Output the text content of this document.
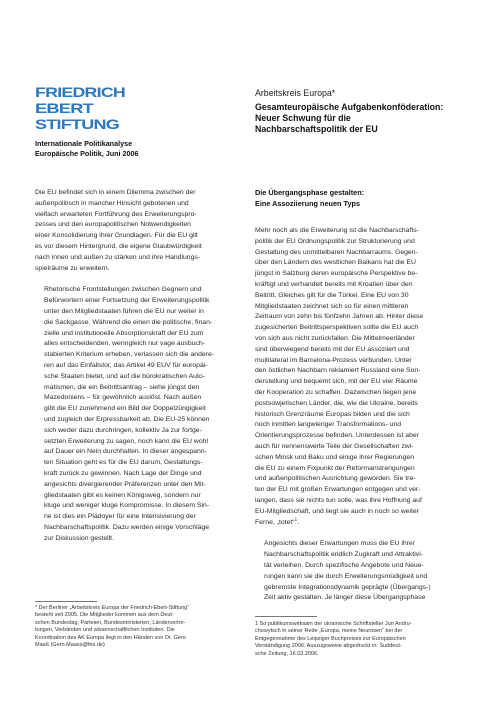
FRIEDRICH
EBERT
STIFTUNG
Internationale Politikanalyse
Europäische Politik, Juni 2006
Arbeitskreis Europa*
Gesamteuropäische Aufgabenkonföderation:
Neuer Schwung für die
Nachbarschaftspolitik der EU

Die EU befindet sich in einem Dilemma zwischen der
außenpolitisch in mancher Hinsicht gebotenen und
vielfach erwarteten Fortführung des Erweiterungspro-
zesses und den europapolitischen Notwendigkeiten
einer Konsolidierung ihrer Grundlagen. Für die EU gilt
es vor diesem Hintergrund, die eigene Glaubwürdigkeit
nach innen und außen zu stärken und ihre Handlungs-
spielräume zu erweitern.

Rhetorische Frontstellungen zwischen Gegnern und
Befürwortern einer Fortsetzung der Erweiterungspolitik
unter den Mitgliedstaaten führen die EU nur weiter in
die Sackgasse. Während die einen die politische, finan-
zielle und institutionelle Absorptionskraft der EU zum
alles entscheidenden, wenngleich nur vage ausbuch-
stabierten Kriterium erheben, verlassen sich die andere-
ren auf das Einfallstor, das Artikel 49 EUV für europäi-
sche Staaten bietet, und auf die bürokratischen Auto-
matismen, die ein Beitrittsantrag – siehe jüngst den
Mazedoniens – für gewöhnlich auslöst. Nach außen
gibt die EU zunehmend ein Bild der Doppelzüngigkeit
und zugleich der Erpressbarkeit ab. Die EU-25 können
sich weder dazu durchringen, kollektiv Ja zur fortge-
setzten Erweiterung zu sagen, noch kann die EU wohl
auf Dauer ein Nein durchhalten. In dieser angespann-
ten Situation geht es für die EU darum, Gestaltungs-
kraft zurück zu gewinnen. Nach Lage der Dinge und
angesichts divergierender Präferenzen unter den Mit-
gliedstaaten gibt es keinen Königsweg, sondern nur
kluge und weniger kluge Kompromisse. In diesem Sin-
ne ist dies ein Plädoyer für eine Intensivierung der
Nachbarschaftspolitik. Dazu werden einige Vorschläge
zur Diskussion gestellt.

Die Übergangsphase gestalten:
Eine Assoziierung neuen Typs

Mehr noch als die Erweiterung ist die Nachbarschafts-
politik der EU Ordnungspolitik zur Strukturierung und
Gestaltung des unmittelbaren Nachbarraums. Gegen-
über den Ländern des westlichen Balkans hat die EU
jüngst in Salzburg deren europäische Perspektive be-
kräftigt und verhandelt bereits mit Kroatien über den
Beitritt. Gleiches gilt für die Türkei. Eine EU von 30
Mitgliedstaaten zeichnet sich so für einen mittleren
Zeitraum von zehn bis fünfzehn Jahren ab. Hinter diese
zugesicherten Beitrittsperspektiven sollte die EU auch
von sich aus nicht zurückfallen. Die Mittelmeerländer
sind überwiegend bereits mit der EU assoziiert und
multilateral im Barcelona-Prozess verbunden. Unter
den östlichen Nachbarn reklamiert Russland eine Son-
derstellung und bequemt sich, mit der EU vier Räume
der Kooperation zu schaffen. Dazwischen liegen jene
postsowjetischen Länder, die, wie die Ukraine, bereits
historisch Grenzräume Europas bilden und die sich
noch inmitten langwieriger Transformations- und
Orientierungsprozesse befinden. Unterdessen ist aber
auch für nennenswerte Teile der Gesellschaften zwi-
schen Minsk und Baku und einige ihrer Regierungen
die EU zu einem Fixpunkt der Reformanstrengungen
und außenpolitischen Ausrichtung geworden. Sie tre-
ten der EU mit großen Erwartungen entgegen und ver-
langen, dass sie nichts tun solle, was ihre Hoffnung auf
EU-Mitgliedschaft, und liegt sie auch in noch so weiter
Ferne, „totet“$^1$.

Angesichts dieser Erwartungen muss die EU ihrer
Nachbarschaftspolitik endlich Zugkraft und Attraktivi-
tät verleihen. Durch spezifische Angebote und Neue-
rungen kann sie die durch Erweiterungsmüdigkeit und
gebremste Integrationsdynamik geprägte (Übergangs-)
Zeit aktiv gestalten. Je länger diese Übergangsphase

* Der Berliner „Arbeitskreis Europa der Friedrich-Ebert-Stiftung“
besteht seit 2005. Die Mitglieder kommen aus dem Deut-
schen Bundestag, Parteien, Bundesministerien, Ländervertre-
tungen, Verbänden und wissenschaftlichen Instituten. Die
Koordination des AK Europa liegt in den Händen von Dr. Gero
Maaß (Gero.Maass@fes.de)
1 So publikumswirksam der ukrainische Schriftsteller Juri Andru-
chowytsch in seiner Rede „Europa, meine Neurosen“ bei der
Entgegennahme des Leipziger Buchpreises zur Europäischen
Verständigung 2006. Auszugsweise abgedruckt in: Suddeut-
sche Zeitung, 16.03.2006.
